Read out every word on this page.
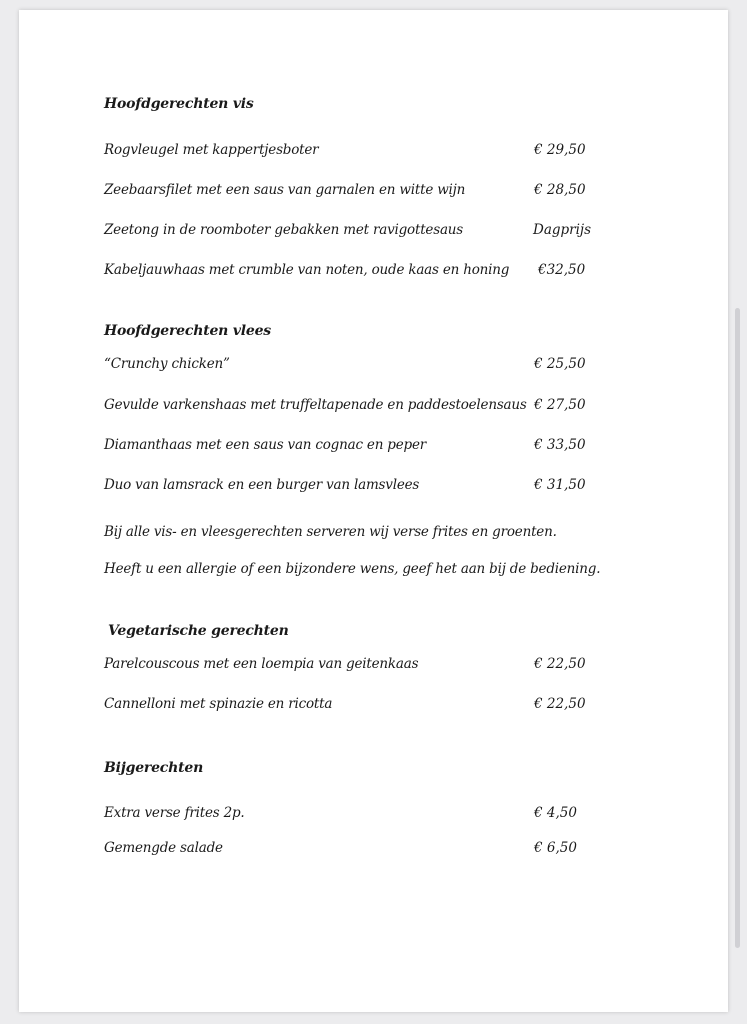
Hoofdgerechten vis
Rogvleugel met kappertjesboter	€ 29,50
Zeebaarsfilet met een saus van garnalen en witte wijn	€ 28,50
Zeetong in de roomboter gebakken met ravigottesaus	Dagprijs
Kabeljauwhaas met crumble van noten, oude kaas en honing €32,50
Hoofdgerechten vlees
“Crunchy chicken”	€ 25,50
Gevulde varkenshaas met truffeltapenade en paddestoelensaus € 27,50
Diamanthaas met een saus van cognac en peper	€ 33,50
Duo van lamsrack en een burger van lamsvlees	€ 31,50
Bij alle vis- en vleesgerechten serveren wij verse frites en groenten.
Heeft u een allergie of een bijzondere wens, geef het aan bij de bediening.
Vegetarische gerechten
Parelcouscous met een loempia van geitenkaas	€ 22,50
Cannelloni met spinazie en ricotta	€ 22,50
Bijgerechten
Extra verse frites 2p.	€ 4,50
Gemengde salade	€ 6,50
